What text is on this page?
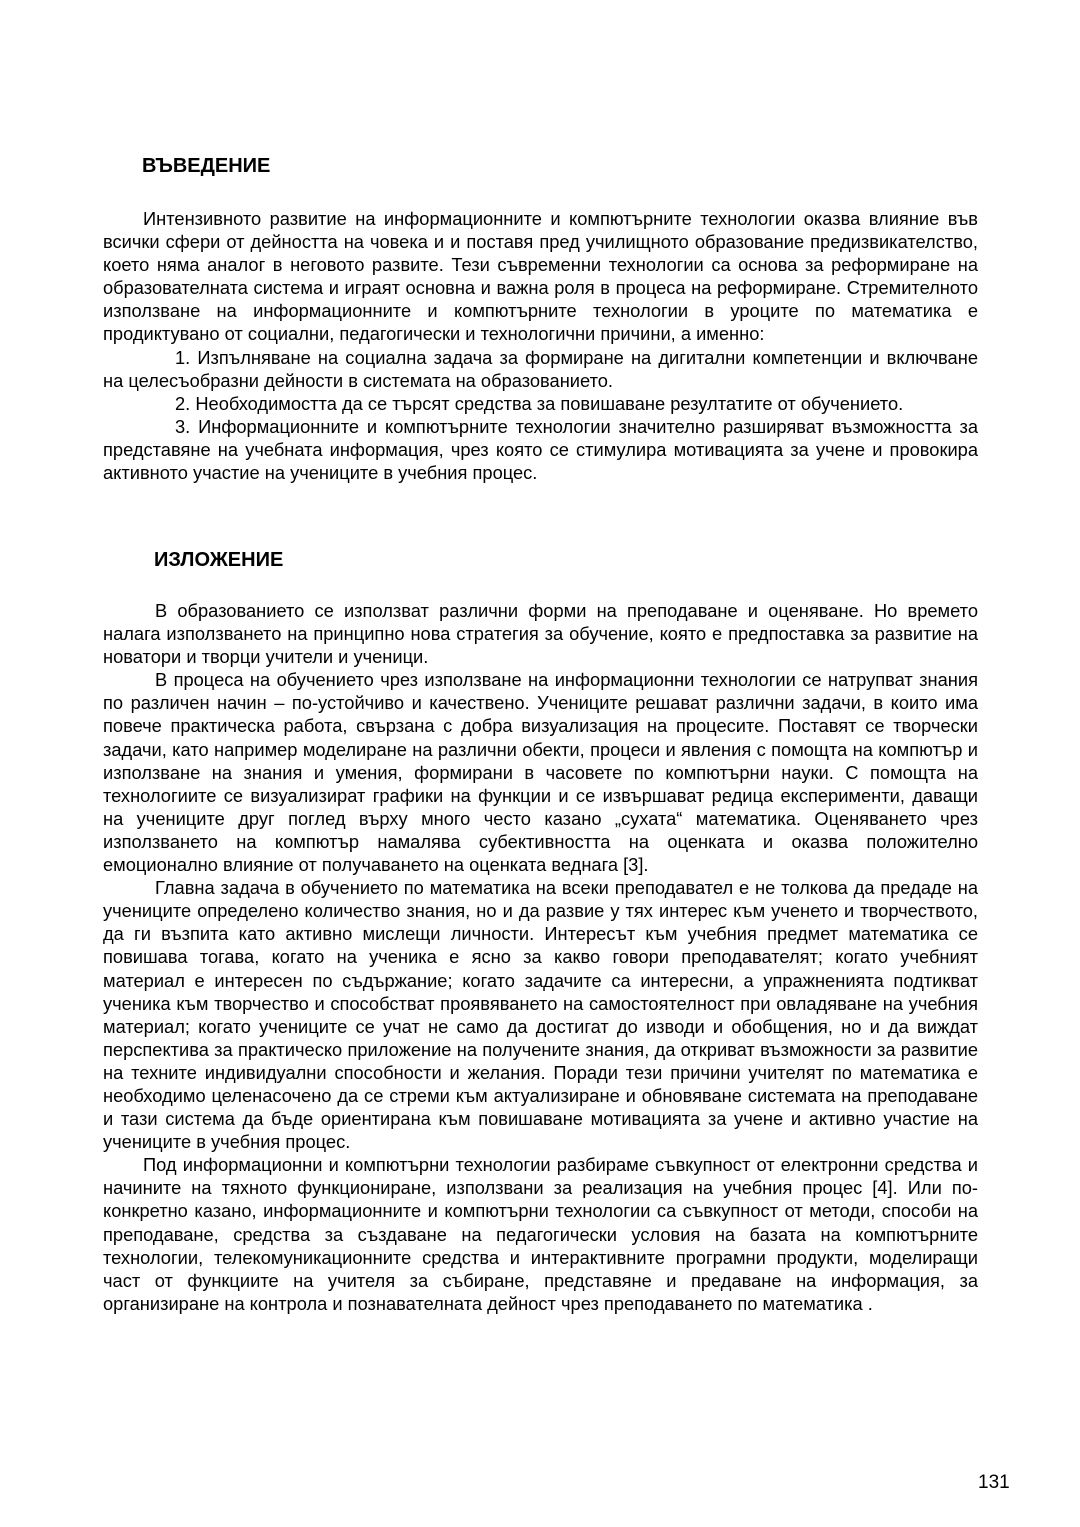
ВЪВЕДЕНИЕ

Интензивното развитие на информационните и компютърните технологии оказва влияние във всички сфери от дейността на човека и и поставя пред училищното образование предизвикателство, което няма аналог в неговото развите. Тези съвременни технологии са основа за реформиране на образователната система и играят основна и важна роля в процеса на реформиране. Стремителното използване на информационните и компютърните технологии в уроците по математика е продиктувано от социални, педагогически и технологични причини, а именно:

1. Изпълняване на социална задача за формиране на дигитални компетенции и включване на целесъобразни дейности в системата на образованието.

2. Необходимостта да се търсят средства за повишаване резултатите от обучението.

3. Информационните и компютърните технологии значително разширяват възможността за представяне на учебната информация, чрез която се стимулира мотивацията за учене и провокира активното участие на учениците в учебния процес.

ИЗЛОЖЕНИЕ

В образованието се използват различни форми на преподаване и оценяване. Но времето налага използването на принципно нова стратегия за обучение, която е предпоставка за развитие на новатори и творци учители и ученици.

В процеса на обучението чрез използване на информационни технологии се натрупват знания по различен начин – по-устойчиво и качествено. Учениците решават различни задачи, в които има повече практическа работа, свързана с добра визуализация на процесите. Поставят се творчески задачи, като например моделиране на различни обекти, процеси и явления с помощта на компютър и използване на знания и умения, формирани в часовете по компютърни науки. С помощта на технологиите се визуализират графики на функции и се извършават редица експерименти, даващи на учениците друг поглед върху много често казано „сухата“ математика. Оценяването чрез използването на компютър намалява субективността на оценката и оказва положително емоционално влияние от получаването на оценката веднага [3].

Главна задача в обучението по математика на всеки преподавател е не толкова да предаде на учениците определено количество знания, но и да развие у тях интерес към ученето и творчеството, да ги възпита като активно мислещи личности. Интересът към учебния предмет математика се повишава тогава, когато на ученика е ясно за какво говори преподавателят; когато учебният материал е интересен по съдържание; когато задачите са интересни, а упражненията подтикват ученика към творчество и способстват проявяването на самостоятелност при овладяване на учебния материал; когато учениците се учат не само да достигат до изводи и обобщения, но и да виждат перспектива за практическо приложение на получените знания, да откриват възможности за развитие на техните индивидуални способности и желания. Поради тези причини учителят по математика е необходимо целенасочено да се стреми към актуализиране и обновяване системата на преподаване и тази система да бъде ориентирана към повишаване мотивацията за учене и активно участие на учениците в учебния процес.

Под информационни и компютърни технологии разбираме съвкупност от електронни средства и начините на тяхното функциониране, използвани за реализация на учебния процес [4]. Или по-конкретно казано, информационните и компютърни технологии са съвкупност от методи, способи на преподаване, средства за създаване на педагогически условия на базата на компютърните технологии, телекомуникационните средства и интерактивните програмни продукти, моделиращи част от функциите на учителя за събиране, представяне и предаване на информация, за организиране на контрола и познавателната дейност чрез преподаването по математика .

131
